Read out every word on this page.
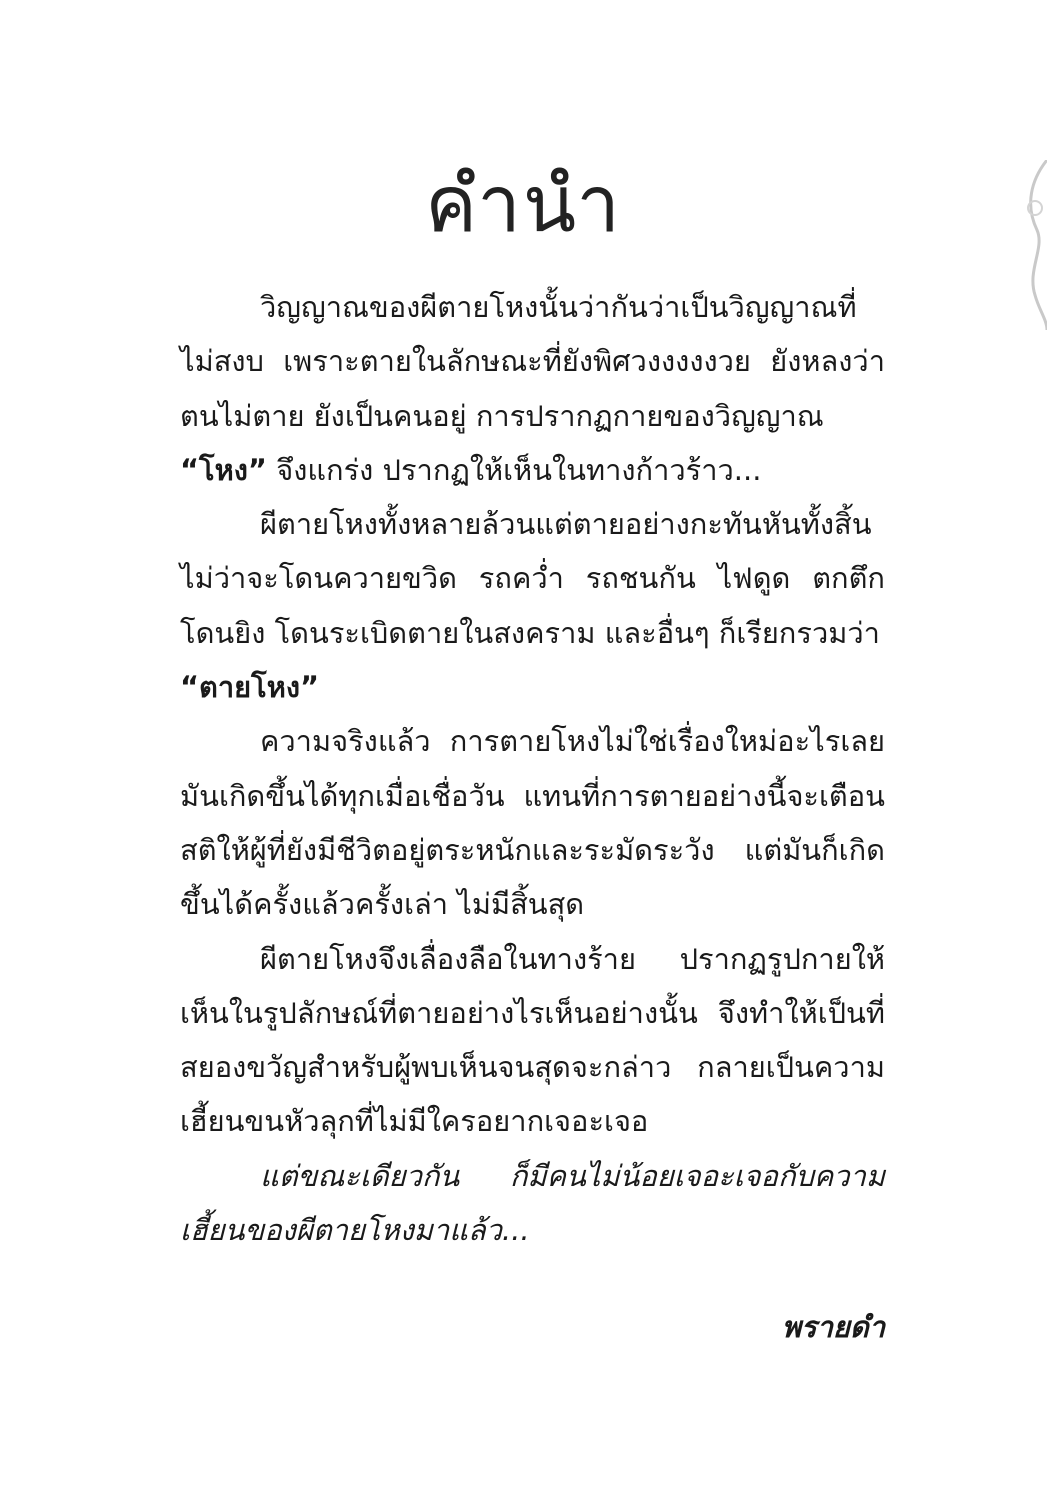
คำนำ

วิญญาณของผีตายโหงนั้นว่ากันว่าเป็นวิญญาณที่ไม่สงบ เพราะตายในลักษณะที่ยังพิศวงงงงงวย ยังหลงว่าตนไม่ตาย ยังเป็นคนอยู่ การปรากฏกายของวิญญาณ
“โหง” จึงแกร่ง ปรากฏให้เห็นในทางก้าวร้าว...

ผีตายโหงทั้งหลายล้วนแต่ตายอย่างกะทันหันทั้งสิ้น ไม่ว่าจะโดนควายขวิด รถคว่ำ รถชนกัน ไฟดูด ตกตึก โดนยิง โดนระเบิดตายในสงคราม และอื่นๆ ก็เรียกรวมว่า
“ตายโหง”

ความจริงแล้ว การตายโหงไม่ใช่เรื่องใหม่อะไรเลย มันเกิดขึ้นได้ทุกเมื่อเชื่อวัน แทนที่การตายอย่างนี้จะเตือนสติให้ผู้ที่ยังมีชีวิตอยู่ตระหนักและระมัดระวัง แต่มันก็เกิดขึ้นได้ครั้งแล้วครั้งเล่า ไม่มีสิ้นสุด

ผีตายโหงจึงเลื่องลือในทางร้าย ปรากฏรูปกายให้เห็นในรูปลักษณ์ที่ตายอย่างไรเห็นอย่างนั้น จึงทำให้เป็นที่สยองขวัญสำหรับผู้พบเห็นจนสุดจะกล่าว กลายเป็นความเฮี้ยนขนหัวลุกที่ไม่มีใครอยากเจอะเจอ

แต่ขณะเดียวกัน ก็มีคนไม่น้อยเจอะเจอกับความเฮี้ยนของผีตายโหงมาแล้ว...

พรายดำ
